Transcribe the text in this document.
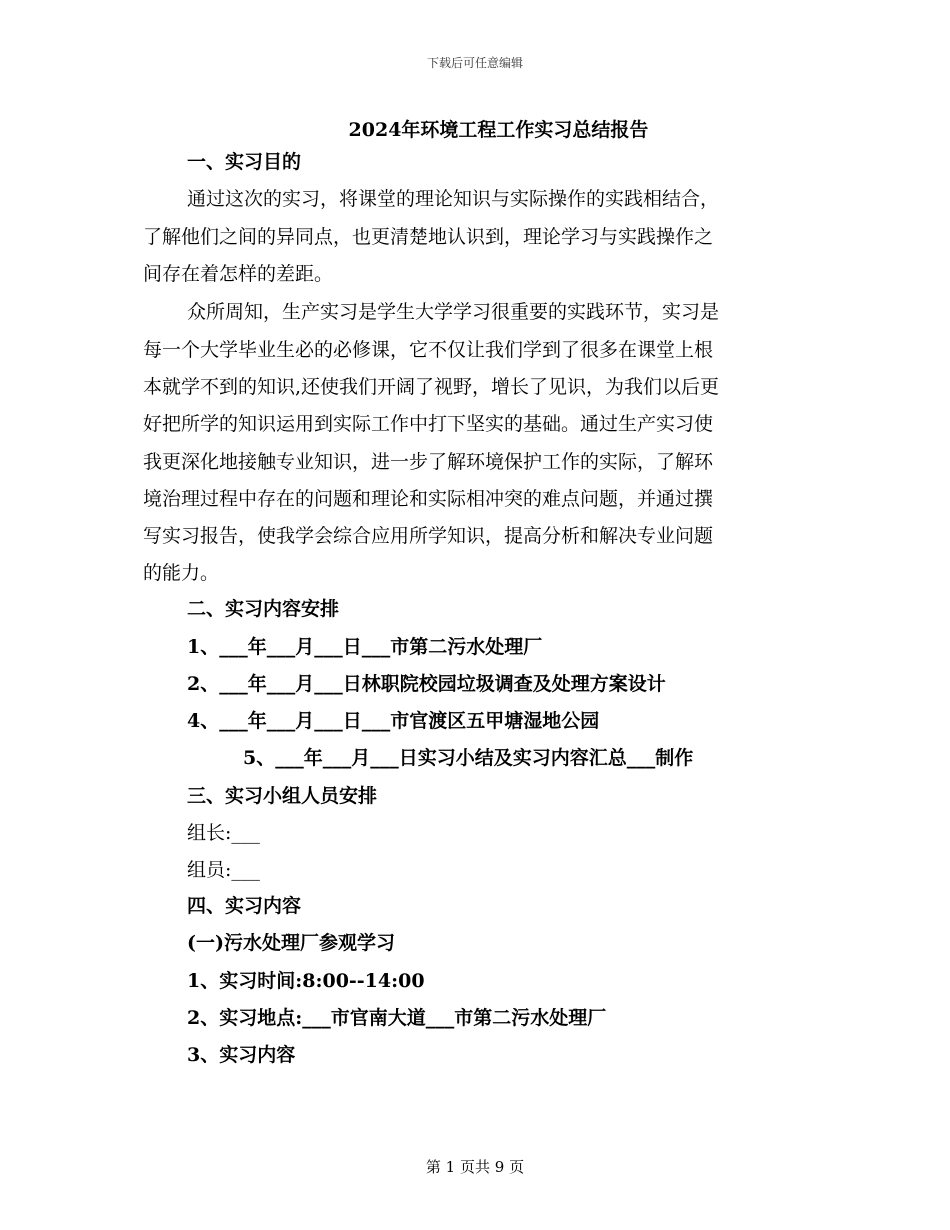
下载后可任意编辑
2024年环境工程工作实习总结报告
一、实习目的
通过这次的实习，将课堂的理论知识与实际操作的实践相结合，
了解他们之间的异同点，也更清楚地认识到，理论学习与实践操作之
间存在着怎样的差距。
众所周知，生产实习是学生大学学习很重要的实践环节，实习是
每一个大学毕业生必的必修课，它不仅让我们学到了很多在课堂上根
本就学不到的知识,还使我们开阔了视野，增长了见识，为我们以后更
好把所学的知识运用到实际工作中打下坚实的基础。通过生产实习使
我更深化地接触专业知识，进一步了解环境保护工作的实际，了解环
境治理过程中存在的问题和理论和实际相冲突的难点问题，并通过撰
写实习报告，使我学会综合应用所学知识，提高分析和解决专业问题
的能力。
二、实习内容安排
1、___年___月___日___市第二污水处理厂
2、___年___月___日林职院校园垃圾调查及处理方案设计
4、___年___月___日___市官渡区五甲塘湿地公园
5、___年___月___日实习小结及实习内容汇总___制作
三、实习小组人员安排
组长:___
组员:___
四、实习内容
(一)污水处理厂参观学习
1、实习时间:8:00--14:00
2、实习地点:___市官南大道___市第二污水处理厂
3、实习内容
第 1 页共 9 页
